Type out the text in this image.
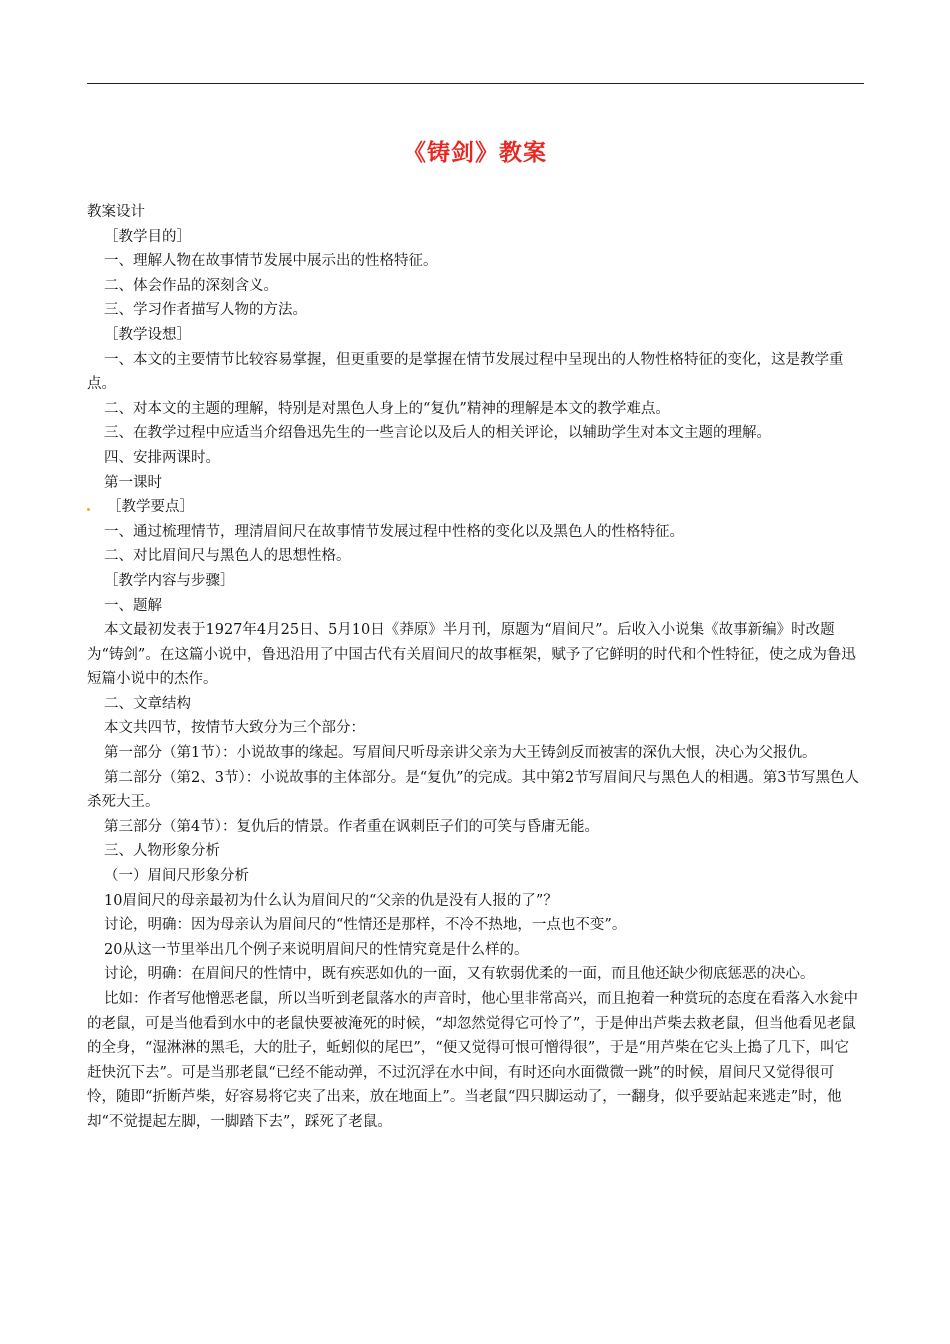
《铸剑》教案

教案设计

［教学目的］

一、理解人物在故事情节发展中展示出的性格特征。

二、体会作品的深刻含义。

三、学习作者描写人物的方法。

［教学设想］

一、本文的主要情节比较容易掌握，但更重要的是掌握在情节发展过程中呈现出的人物性格特征的变化，这是教学重点。

二、对本文的主题的理解，特别是对黑色人身上的“复仇”精神的理解是本文的教学难点。

三、在教学过程中应适当介绍鲁迅先生的一些言论以及后人的相关评论，以辅助学生对本文主题的理解。

四、安排两课时。

第一课时

［教学要点］

一、通过梳理情节，理清眉间尺在故事情节发展过程中性格的变化以及黑色人的性格特征。

二、对比眉间尺与黑色人的思想性格。

［教学内容与步骤］

一、题解

本文最初发表于1927年4月25日、5月10日《莽原》半月刊，原题为“眉间尺”。后收入小说集《故事新编》时改题为“铸剑”。在这篇小说中，鲁迅沿用了中国古代有关眉间尺的故事框架，赋予了它鲜明的时代和个性特征，使之成为鲁迅短篇小说中的杰作。

二、文章结构

本文共四节，按情节大致分为三个部分：

第一部分（第1节）：小说故事的缘起。写眉间尺听母亲讲父亲为大王铸剑反而被害的深仇大恨，决心为父报仇。

第二部分（第2、3节）：小说故事的主体部分。是“复仇”的完成。其中第2节写眉间尺与黑色人的相遇。第3节写黑色人杀死大王。

第三部分（第4节）：复仇后的情景。作者重在讽刺臣子们的可笑与昏庸无能。

三、人物形象分析

（一）眉间尺形象分析

10眉间尺的母亲最初为什么认为眉间尺的“父亲的仇是没有人报的了”？

讨论，明确：因为母亲认为眉间尺的“性情还是那样，不冷不热地，一点也不变”。

20从这一节里举出几个例子来说明眉间尺的性情究竟是什么样的。

讨论，明确：在眉间尺的性情中，既有疾恶如仇的一面，又有软弱优柔的一面，而且他还缺少彻底惩恶的决心。

比如：作者写他憎恶老鼠，所以当听到老鼠落水的声音时，他心里非常高兴，而且抱着一种赏玩的态度在看落入水瓮中的老鼠，可是当他看到水中的老鼠快要被淹死的时候，“却忽然觉得它可怜了”，于是伸出芦柴去救老鼠，但当他看见老鼠的全身，“湿淋淋的黑毛，大的肚子，蚯蚓似的尾巴”，“便又觉得可恨可憎得很”，于是“用芦柴在它头上搗了几下，叫它赶快沉下去”。可是当那老鼠“已经不能动弹，不过沉浮在水中间，有时还向水面微微一跳”的时候，眉间尺又觉得很可怜，随即“折断芦柴，好容易将它夹了出来，放在地面上”。当老鼠“四只脚运动了，一翻身，似乎要站起来逃走”时，他却“不觉提起左脚，一脚踏下去”，踩死了老鼠。
